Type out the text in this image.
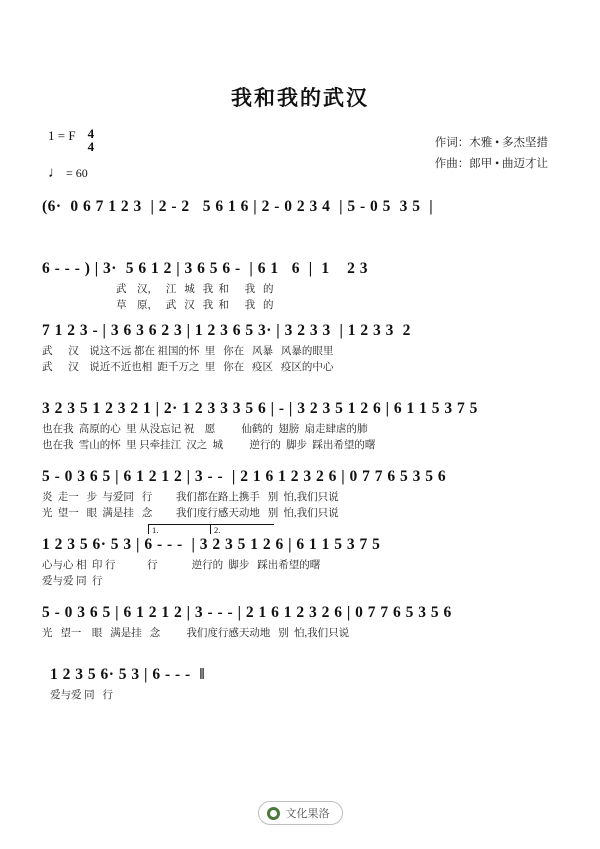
我和我的武汉
1 = F 4
4
♩ = 60
作词：木雅 • 多杰坚措
作曲：郎甲 • 曲迈才让
(6·  0 6 7 1 2 3  | 2 - 2   5 6 1 6 | 2 - 0 2 3 4  | 5 - 0 5  3 5  |
6 - - - ) | 3·  5 6 1 2 | 3 6 5 6 -  | 6 1   6  |  1    2 3
武    汉，   江   城   我  和      我   的
草    原，   武   汉   我  和      我   的
7 1 2 3 - | 3 6 3 6 2 3 | 1 2 3 6 5 3· | 3 2 3 3  | 1 2 3 3  2
武      汉    说这不远 都在 祖国的怀  里   你在   风暴   风暴的眼里
武      汉    说近不近也相  距千万之  里   你在   疫区   疫区的中心
3 2 3 5 1 2 3 2 1 | 2· 1 2 3 3 3 5 6 | - | 3 2 3 5 1 2 6 | 6 1 1 5 3 7 5
也在我  高原的心  里 从没忘记 祝    愿          仙鹤的  翅膀  扇走肆虐的肺
也在我  雪山的怀  里 只牵挂江  汉之  城          逆行的  脚步  踩出希望的曙
5 - 0 3 6 5 | 6 1 2 1 2 | 3 - -  | 2 1 6 1 2 3 2 6 | 0 7 7 6 5 3 5 6
炎  走一   步  与爱同   行         我们都在路上携手   别  怕,我们只说
光  望一   眼  满是挂   念         我们度行感天动地   别  怕,我们只说
1.	2.
1 2 3 5 6· 5 3 | 6 - - -  | 3 2 3 5 1 2 6 | 6 1 1 5 3 7 5
心与心 相  印 行            行             逆行的  脚步   踩出希望的曙
爱与爱 同  行
5 - 0 3 6 5 | 6 1 2 1 2 | 3 - - - | 2 1 6 1 2 3 2 6 | 0 7 7 6 5 3 5 6
光   望一    眼   满是挂   念          我们度行感天动地   别  怕,我们只说
1 2 3 5 6· 5 3 | 6 - - -  ‖
爱与爱 同   行
文化果洛
